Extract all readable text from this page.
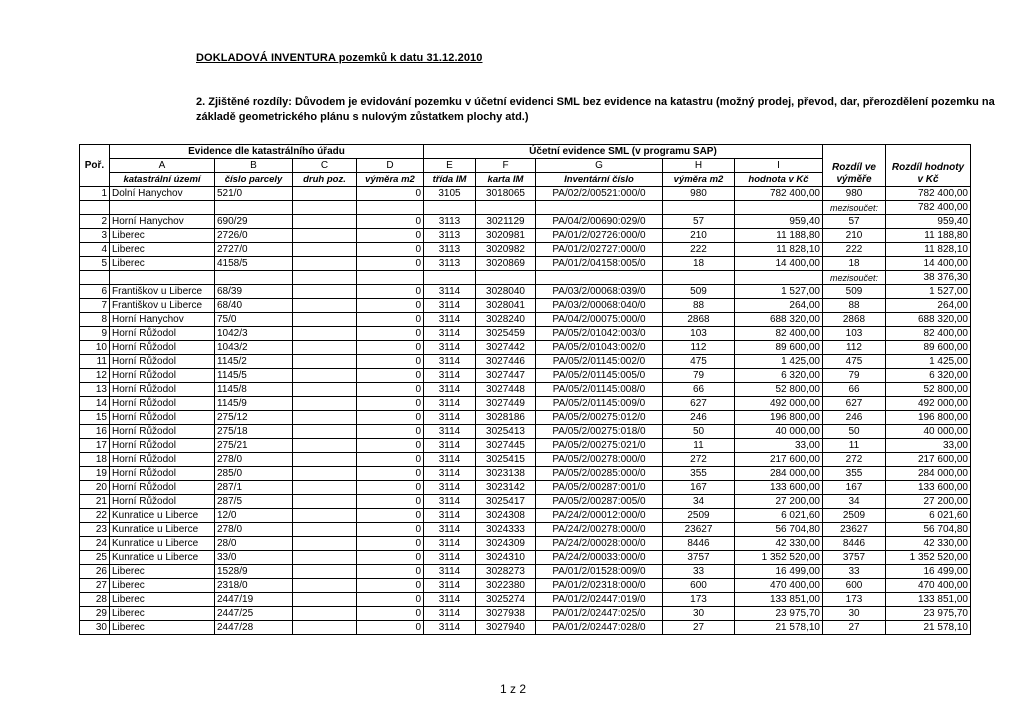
DOKLADOVÁ INVENTURA pozemků k datu 31.12.2010
2. Zjištěné rozdíly: Důvodem je evidování pozemku v účetní evidenci SML bez evidence na katastru (možný prodej, převod, dar, přerozdělení pozemku na základě geometrického plánu s nulovým zůstatkem plochy atd.)
Poř.	Evidence dle katastrálního úřadu				Účetní evidence SML (v programu SAP)					Rozdíl ve výměře	Rozdíl hodnoty v Kč
	A	B	C	D	E	F	G	H	I		
	katastrální území	číslo parcely	druh poz.	výměra m2	třída IM	karta IM	Inventární číslo	výměra m2	hodnota v Kč		
1	Dolní Hanychov	521/0		0	3105	3018065	PA/02/2/00521:000/0	980	782 400,00	980	782 400,00
										mezisoučet:	782 400,00
2	Horní Hanychov	690/29		0	3113	3021129	PA/04/2/00690:029/0	57	959,40	57	959,40
3	Liberec	2726/0		0	3113	3020981	PA/01/2/02726:000/0	210	11 188,80	210	11 188,80
4	Liberec	2727/0		0	3113	3020982	PA/01/2/02727:000/0	222	11 828,10	222	11 828,10
5	Liberec	4158/5		0	3113	3020869	PA/01/2/04158:005/0	18	14 400,00	18	14 400,00
										mezisoučet:	38 376,30
6	Františkov u Liberce	68/39		0	3114	3028040	PA/03/2/00068:039/0	509	1 527,00	509	1 527,00
7	Františkov u Liberce	68/40		0	3114	3028041	PA/03/2/00068:040/0	88	264,00	88	264,00
8	Horní Hanychov	75/0		0	3114	3028240	PA/04/2/00075:000/0	2868	688 320,00	2868	688 320,00
9	Horní Růžodol	1042/3		0	3114	3025459	PA/05/2/01042:003/0	103	82 400,00	103	82 400,00
10	Horní Růžodol	1043/2		0	3114	3027442	PA/05/2/01043:002/0	112	89 600,00	112	89 600,00
11	Horní Růžodol	1145/2		0	3114	3027446	PA/05/2/01145:002/0	475	1 425,00	475	1 425,00
12	Horní Růžodol	1145/5		0	3114	3027447	PA/05/2/01145:005/0	79	6 320,00	79	6 320,00
13	Horní Růžodol	1145/8		0	3114	3027448	PA/05/2/01145:008/0	66	52 800,00	66	52 800,00
14	Horní Růžodol	1145/9		0	3114	3027449	PA/05/2/01145:009/0	627	492 000,00	627	492 000,00
15	Horní Růžodol	275/12		0	3114	3028186	PA/05/2/00275:012/0	246	196 800,00	246	196 800,00
16	Horní Růžodol	275/18		0	3114	3025413	PA/05/2/00275:018/0	50	40 000,00	50	40 000,00
17	Horní Růžodol	275/21		0	3114	3027445	PA/05/2/00275:021/0	11	33,00	11	33,00
18	Horní Růžodol	278/0		0	3114	3025415	PA/05/2/00278:000/0	272	217 600,00	272	217 600,00
19	Horní Růžodol	285/0		0	3114	3023138	PA/05/2/00285:000/0	355	284 000,00	355	284 000,00
20	Horní Růžodol	287/1		0	3114	3023142	PA/05/2/00287:001/0	167	133 600,00	167	133 600,00
21	Horní Růžodol	287/5		0	3114	3025417	PA/05/2/00287:005/0	34	27 200,00	34	27 200,00
22	Kunratice u Liberce	12/0		0	3114	3024308	PA/24/2/00012:000/0	2509	6 021,60	2509	6 021,60
23	Kunratice u Liberce	278/0		0	3114	3024333	PA/24/2/00278:000/0	23627	56 704,80	23627	56 704,80
24	Kunratice u Liberce	28/0		0	3114	3024309	PA/24/2/00028:000/0	8446	42 330,00	8446	42 330,00
25	Kunratice u Liberce	33/0		0	3114	3024310	PA/24/2/00033:000/0	3757	1 352 520,00	3757	1 352 520,00
26	Liberec	1528/9		0	3114	3028273	PA/01/2/01528:009/0	33	16 499,00	33	16 499,00
27	Liberec	2318/0		0	3114	3022380	PA/01/2/02318:000/0	600	470 400,00	600	470 400,00
28	Liberec	2447/19		0	3114	3025274	PA/01/2/02447:019/0	173	133 851,00	173	133 851,00
29	Liberec	2447/25		0	3114	3027938	PA/01/2/02447:025/0	30	23 975,70	30	23 975,70
30	Liberec	2447/28		0	3114	3027940	PA/01/2/02447:028/0	27	21 578,10	27	21 578,10
1 z 2
